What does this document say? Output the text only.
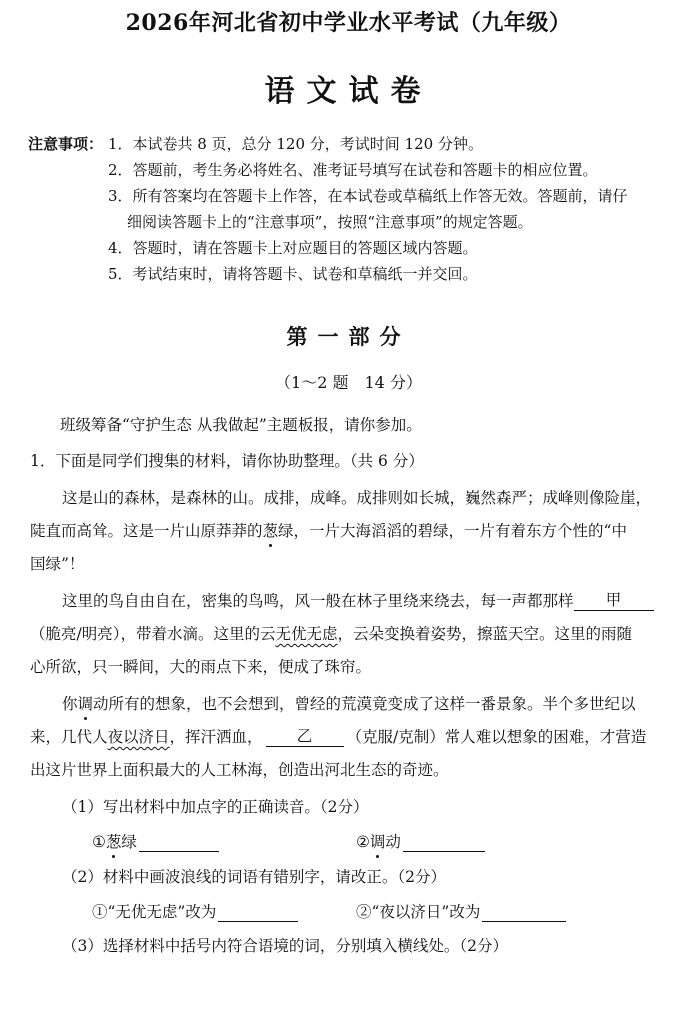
2026年河北省初中学业水平考试（九年级）
语文试卷
注意事项： 1．本试卷共 8 页，总分 120 分，考试时间 120 分钟。
2．答题前，考生务必将姓名、准考证号填写在试卷和答题卡的相应位置。
3．所有答案均在答题卡上作答，在本试卷或草稿纸上作答无效。答题前，请仔
细阅读答题卡上的“注意事项”，按照“注意事项”的规定答题。
4．答题时，请在答题卡上对应题目的答题区域内答题。
5．考试结束时，请将答题卡、试卷和草稿纸一并交回。
第一部分
（1～2 题　14 分）
班级筹备“守护生态 从我做起”主题板报，请你参加。
1．下面是同学们搜集的材料，请你协助整理。（共 6 分）
这是山的森林，是森林的山。成排，成峰。成排则如长城，巍然森严；成峰则像险崖，
陡直而高耸。这是一片山原莽莽的葱绿，一片大海滔滔的碧绿，一片有着东方个性的“中
国绿”！
这里的鸟自由自在，密集的鸟鸣，风一般在林子里绕来绕去，每一声都那样 甲
（脆亮/明亮），带着水滴。这里的云无优无虑，云朵变换着姿势，擦蓝天空。这里的雨随
心所欲，只一瞬间，大的雨点下来，便成了珠帘。
你调动所有的想象，也不会想到，曾经的荒漠竟变成了这样一番景象。半个多世纪以
来，几代人夜以济日，挥汗洒血， 乙 （克服/克制）常人难以想象的困难，才营造
出这片世界上面积最大的人工林海，创造出河北生态的奇迹。
（1）写出材料中加点字的正确读音。（2分）
①葱绿	②调动
（2）材料中画波浪线的词语有错别字，请改正。（2分）
①“无优无虑”改为	②“夜以济日”改为
（3）选择材料中括号内符合语境的词，分别填入横线处。（2分）
